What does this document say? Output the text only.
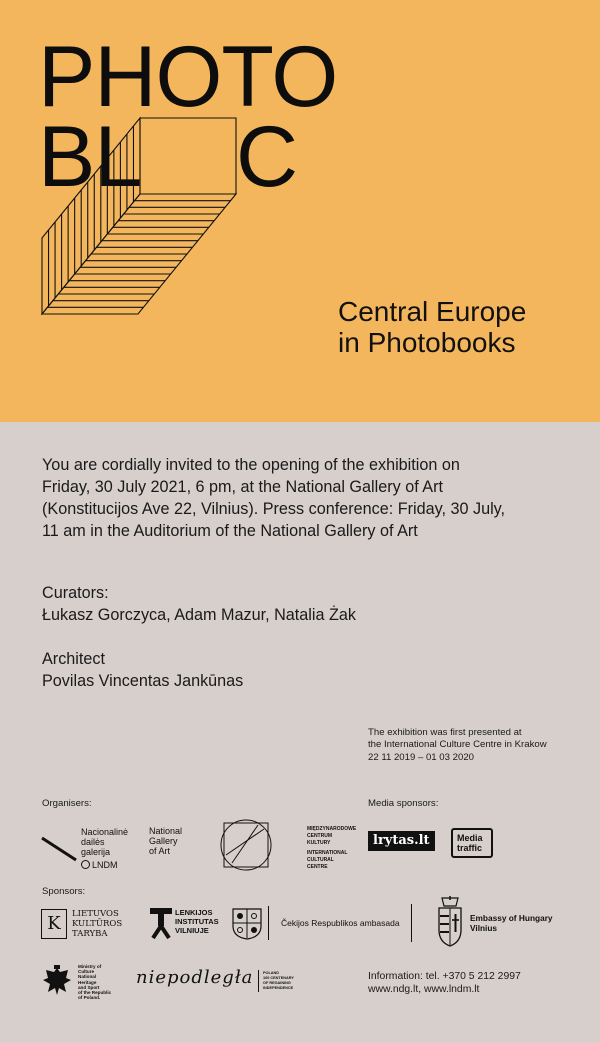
PHOTO
BL C
Central Europe
in Photobooks
You are cordially invited to the opening of the exhibition on
Friday, 30 July 2021, 6 pm, at the National Gallery of Art
(Konstitucijos Ave 22, Vilnius). Press conference: Friday, 30 July,
11 am in the Auditorium of the National Gallery of Art
Curators:
Łukasz Gorczyca, Adam Mazur, Natalia Żak
Architect
Povilas Vincentas Jankūnas
The exhibition was first presented at
the International Culture Centre in Krakow
22 11 2019 – 01 03 2020
Organisers:	Media sponsors:
Nacionalinė
dailės
galerija
LNDM
National
Gallery
of Art
MIĘDZYNARODOWE
CENTRUM
KULTURY
INTERNATIONAL
CULTURAL
CENTRE
lrytas.lt	Media
traffic
Sponsors:
K	LIETUVOS
KULTŪROS
TARYBA
LENKIJOS
INSTITUTAS
VILNIUJE
Čekijos Respublikos ambasada	Embassy of Hungary
Vilnius
Ministry of
Culture
National
Heritage
and Sport
of the Republic
of Poland.
niepodległa	POLAND
100 CENTENARY
OF REGAINING
INDEPENDENCE
Information: tel. +370 5 212 2997
www.ndg.lt, www.lndm.lt
